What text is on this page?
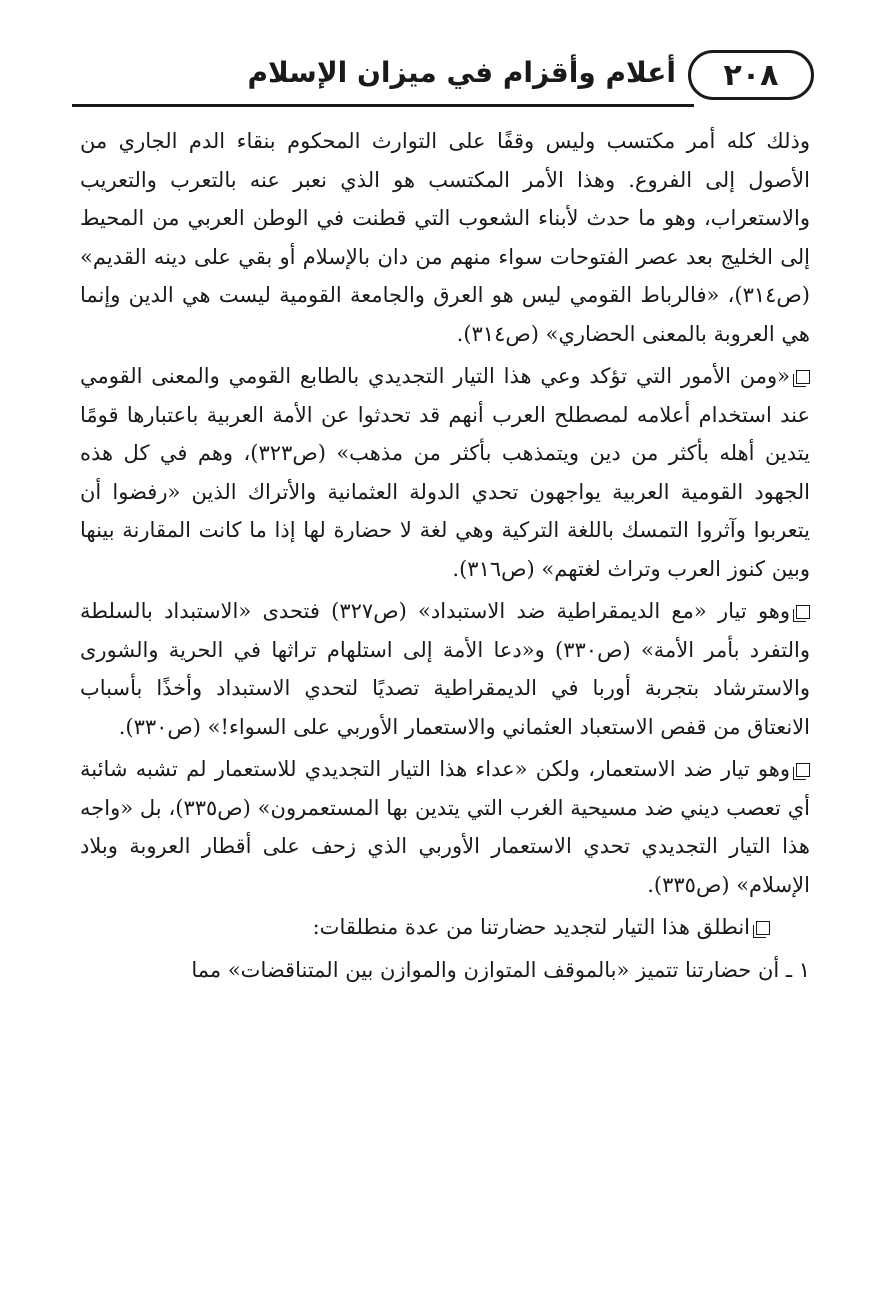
٢٠٨
أعلام وأقزام في ميزان الإسلام

وذلك كله أمر مكتسب وليس وقفًا على التوارث المحكوم بنقاء الدم الجاري من الأصول إلى الفروع. وهذا الأمر المكتسب هو الذي نعبر عنه بالتعرب والتعريب والاستعراب، وهو ما حدث لأبناء الشعوب التي قطنت في الوطن العربي من المحيط إلى الخليج بعد عصر الفتوحات سواء منهم من دان بالإسلام أو بقي على دينه القديم» (ص٣١٤)، «فالرباط القومي ليس هو العرق والجامعة القومية ليست هي الدين وإنما هي العروبة بالمعنى الحضاري» (ص٣١٤).

«ومن الأمور التي تؤكد وعي هذا التيار التجديدي بالطابع القومي والمعنى القومي عند استخدام أعلامه لمصطلح العرب أنهم قد تحدثوا عن الأمة العربية باعتبارها قومًا يتدين أهله بأكثر من دين ويتمذهب بأكثر من مذهب» (ص٣٢٣)، وهم في كل هذه الجهود القومية العربية يواجهون تحدي الدولة العثمانية والأتراك الذين «رفضوا أن يتعربوا وآثروا التمسك باللغة التركية وهي لغة لا حضارة لها إذا ما كانت المقارنة بينها وبين كنوز العرب وتراث لغتهم» (ص٣١٦).

وهو تيار «مع الديمقراطية ضد الاستبداد» (ص٣٢٧) فتحدى «الاستبداد بالسلطة والتفرد بأمر الأمة» (ص٣٣٠) و«دعا الأمة إلى استلهام تراثها في الحرية والشورى والاسترشاد بتجربة أوربا في الديمقراطية تصديًا لتحدي الاستبداد وأخذًا بأسباب الانعتاق من قفص الاستعباد العثماني والاستعمار الأوربي على السواء!» (ص٣٣٠).

وهو تيار ضد الاستعمار، ولكن «عداء هذا التيار التجديدي للاستعمار لم تشبه شائبة أي تعصب ديني ضد مسيحية الغرب التي يتدين بها المستعمرون» (ص٣٣٥)، بل «واجه هذا التيار التجديدي تحدي الاستعمار الأوربي الذي زحف على أقطار العروبة وبلاد الإسلام» (ص٣٣٥).

انطلق هذا التيار لتجديد حضارتنا من عدة منطلقات:

١ ـ أن حضارتنا تتميز «بالموقف المتوازن والموازن بين المتناقضات» مما
